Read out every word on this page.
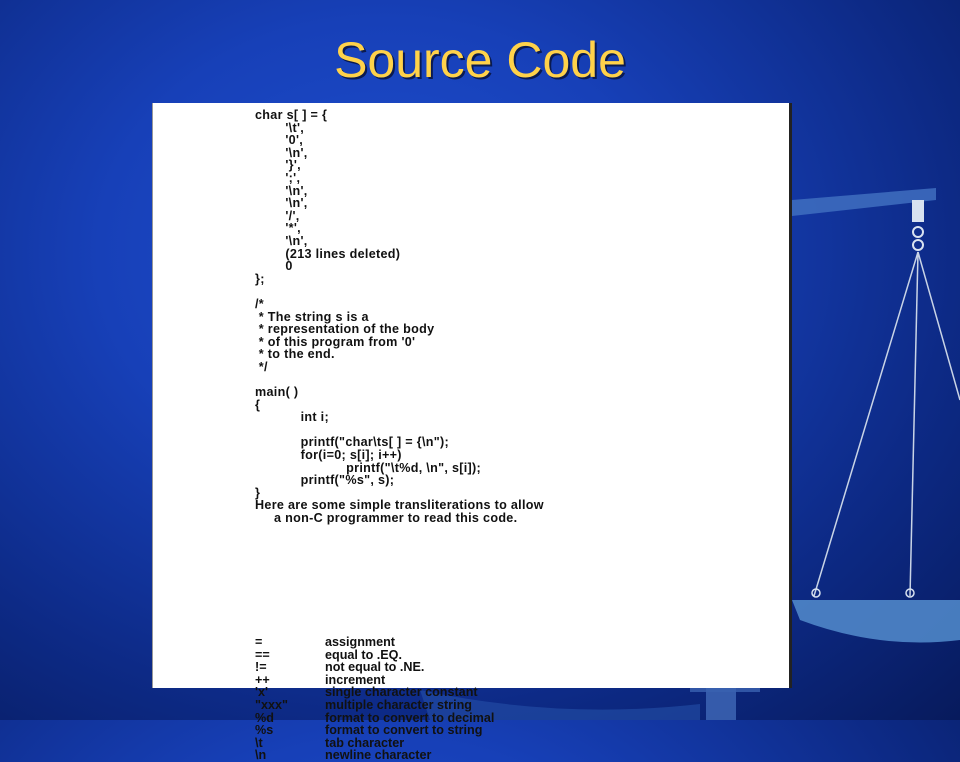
Source Code
char s[ ] = {
'\t',
'0',
'\n',
'}',
';',
'\n',
'\n',
'/',
'*',
'\n',
(213 lines deleted)
0
};
/*
* The string s is a
* representation of the body
* of this program from '0'
* to the end.
*/
main( )
{
int i;
printf("char\ts[ ] = {\n");
for(i=0; s[i]; i++)
printf("\t%d, \n", s[i]);
printf("%s", s);
}
Here are some simple transliterations to allow
a non-C programmer to read this code.
=	assignment
==	equal to .EQ.
!=	not equal to .NE.
++	increment
'x'	single character constant
"xxx"	multiple character string
%d	format to convert to decimal
%s	format to convert to string
\t	tab character
\n	newline character
